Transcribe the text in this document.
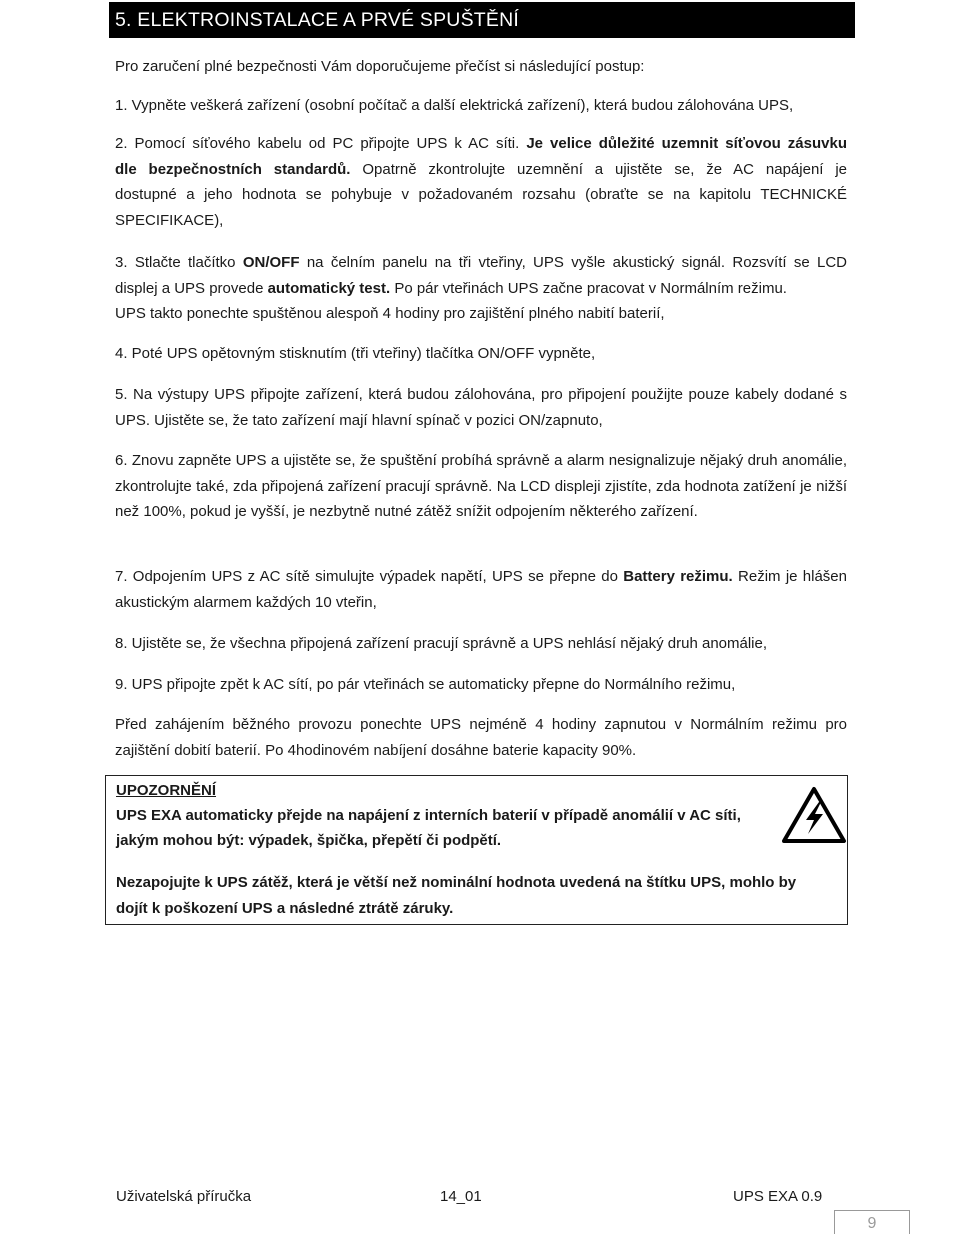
5. ELEKTROINSTALACE A PRVÉ SPUŠTĚNÍ

Pro zaručení plné bezpečnosti Vám doporučujeme přečíst si následující postup:

1. Vypněte veškerá zařízení (osobní počítač a další elektrická zařízení), která budou zálohována UPS,

2. Pomocí síťového kabelu od PC připojte UPS k AC síti. Je velice důležité uzemnit síťovou zásuvku
dle bezpečnostních standardů. Opatrně zkontrolujte uzemnění a ujistěte se, že AC napájení je
dostupné a jeho hodnota se pohybuje v požadovaném rozsahu (obraťte se na kapitolu TECHNICKÉ
SPECIFIKACE),
3. Stlačte tlačítko ON/OFF na čelním panelu na tři vteřiny, UPS vyšle akustický signál. Rozsvítí se LCD
displej a UPS provede automatický test. Po pár vteřinách UPS začne pracovat v Normálním režimu.
UPS takto ponechte spuštěnou alespoň 4 hodiny pro zajištění plného nabití baterií,

4. Poté UPS opětovným stisknutím (tři vteřiny) tlačítka ON/OFF vypněte,

5. Na výstupy UPS připojte zařízení, která budou zálohována, pro připojení použijte pouze kabely dodané s UPS. Ujistěte se, že tato zařízení mají hlavní spínač v pozici ON/zapnuto,

6. Znovu zapněte UPS a ujistěte se, že spuštění probíhá správně a alarm nesignalizuje nějaký druh anomálie, zkontrolujte také, zda připojená zařízení pracují správně. Na LCD displeji zjistíte, zda hodnota zatížení je nižší než 100%, pokud je vyšší, je nezbytně nutné zátěž snížit odpojením některého zařízení.

7. Odpojením UPS z AC sítě simulujte výpadek napětí, UPS se přepne do Battery režimu. Režim je hlášen akustickým alarmem každých 10 vteřin,

8. Ujistěte se, že všechna připojená zařízení pracují správně a UPS nehlásí nějaký druh anomálie,

9. UPS připojte zpět k AC sítí, po pár vteřinách se automaticky přepne do Normálního režimu,

Před zahájením běžného provozu ponechte UPS nejméně 4 hodiny zapnutou v Normálním režimu pro zajištění dobití baterií. Po 4hodinovém nabíjení dosáhne baterie kapacity 90%.

UPOZORNĚNÍ
UPS EXA automaticky přejde na napájení z interních baterií v případě anomálií v AC síti,
jakým mohou být: výpadek, špička, přepětí či podpětí.
Nezapojujte k UPS zátěž, která je větší než nominální hodnota uvedená na štítku UPS, mohlo by
dojít k poškození UPS a následné ztrátě záruky.
Uživatelská příručka	14_01	UPS EXA 0.9
9
